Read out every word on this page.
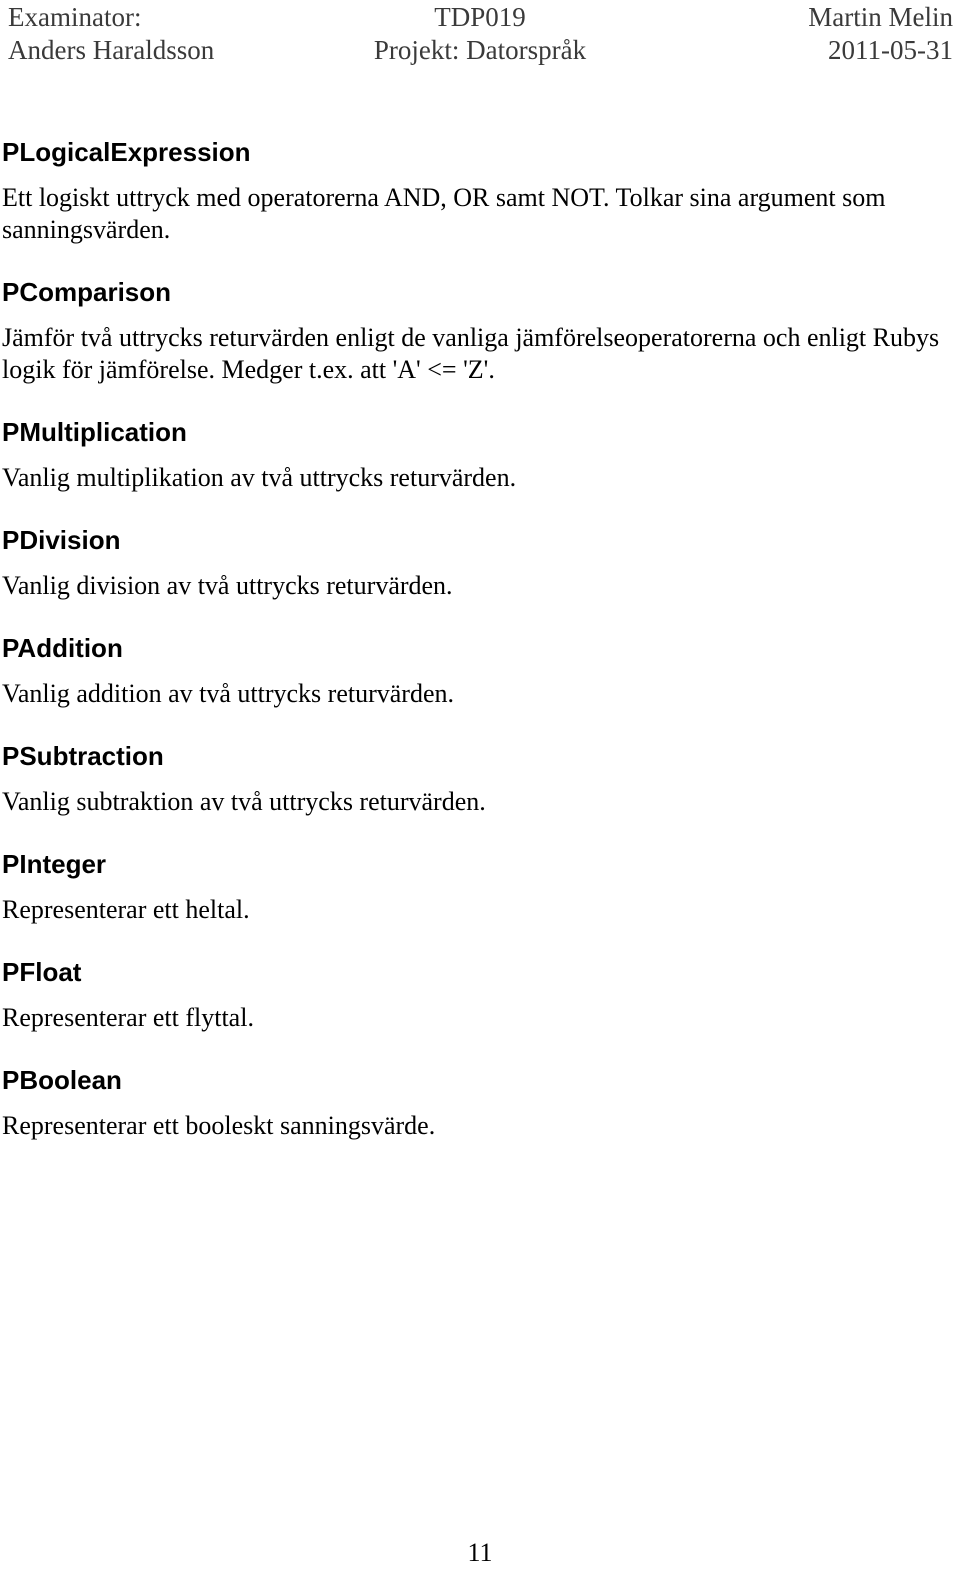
Examinator:	TDP019	Martin Melin
Anders Haraldsson	Projekt: Datorspråk	2011-05-31
PLogicalExpression

Ett logiskt uttryck med operatorerna AND, OR samt NOT. Tolkar sina argument som sanningsvärden.

PComparison

Jämför två uttrycks returvärden enligt de vanliga jämförelseoperatorerna och enligt Rubys logik för jämförelse. Medger t.ex. att 'A' <= 'Z'.

PMultiplication

Vanlig multiplikation av två uttrycks returvärden.

PDivision

Vanlig division av två uttrycks returvärden.

PAddition

Vanlig addition av två uttrycks returvärden.

PSubtraction

Vanlig subtraktion av två uttrycks returvärden.

PInteger

Representerar ett heltal.

PFloat

Representerar ett flyttal.

PBoolean

Representerar ett booleskt sanningsvärde.

11
